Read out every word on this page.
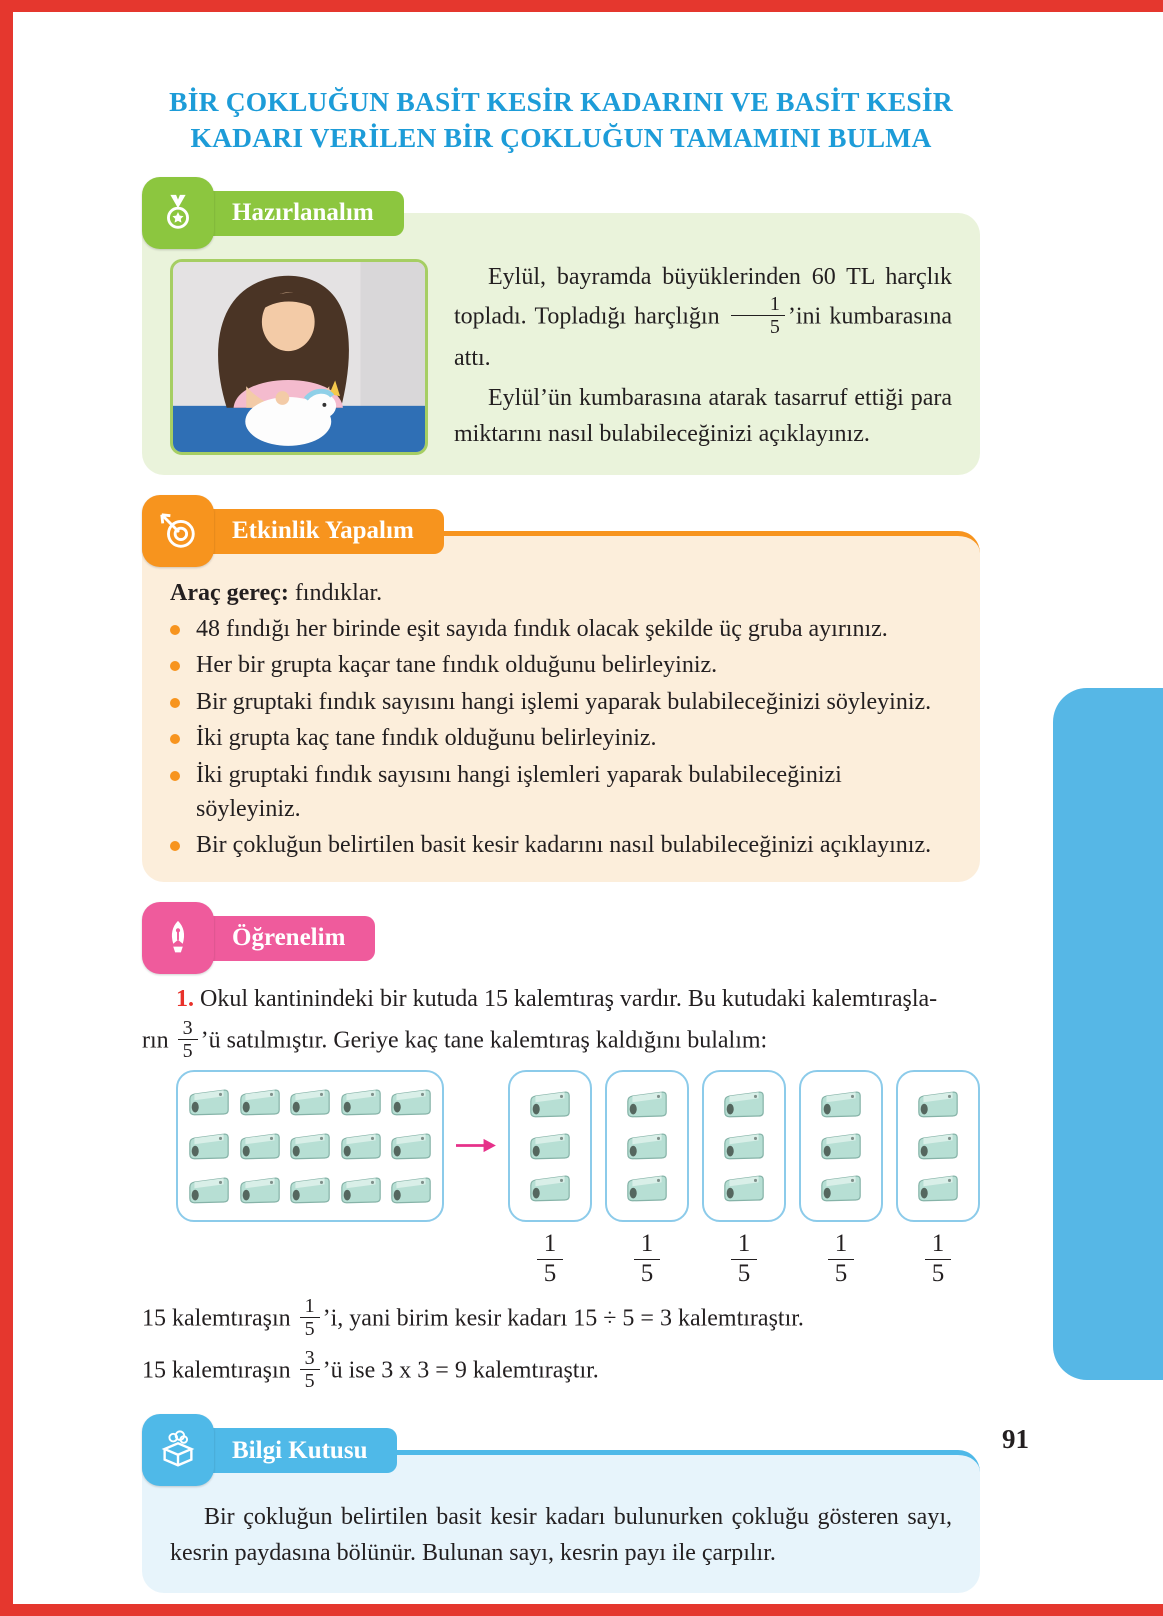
91
BİR ÇOKLUĞUN BASİT KESİR KADARINI VE BASİT KESİR
KADARI VERİLEN BİR ÇOKLUĞUN TAMAMINI BULMA
Hazırlanalım

Eylül, bayramda büyüklerinden 60 TL harçlık topladı. Topladığı harçlığın $\frac{1}{5}$ ’ini kumbarasına attı.

Eylül’ün kumbarasına atarak tasarruf ettiği para miktarını nasıl bulabileceğinizi açıklayınız.

Etkinlik Yapalım

Araç gereç: fındıklar.

48 fındığı her birinde eşit sayıda fındık olacak şekilde üç gruba ayırınız.
Her bir grupta kaçar tane fındık olduğunu belirleyiniz.
Bir gruptaki fındık sayısını hangi işlemi yaparak bulabileceğinizi söyleyiniz.
İki grupta kaç tane fındık olduğunu belirleyiniz.
İki gruptaki fındık sayısını hangi işlemleri yaparak bulabileceğinizi söyleyiniz.
Bir çokluğun belirtilen basit kesir kadarını nasıl bulabileceğinizi açıklayınız.
Öğrenelim

1. Okul kantinindeki bir kutuda 15 kalemtıraş vardır. Bu kutudaki kalemtıraşla-

rın $\frac{3}{5}$ ’ü satılmıştır. Geriye kaç tane kalemtıraş kaldığını bulalım:

$\frac{1}{5}$	$\frac{1}{5}$	$\frac{1}{5}$	$\frac{1}{5}$	$\frac{1}{5}$

15 kalemtıraşın $\frac{1}{5}$ ’i, yani birim kesir kadarı 15 ÷ 5 = 3 kalemtıraştır.

15 kalemtıraşın $\frac{3}{5}$ ’ü ise 3 x 3 = 9 kalemtıraştır.

Bilgi Kutusu

Bir çokluğun belirtilen basit kesir kadarı bulunurken çokluğu gösteren sayı, kesrin paydasına bölünür. Bulunan sayı, kesrin payı ile çarpılır.
